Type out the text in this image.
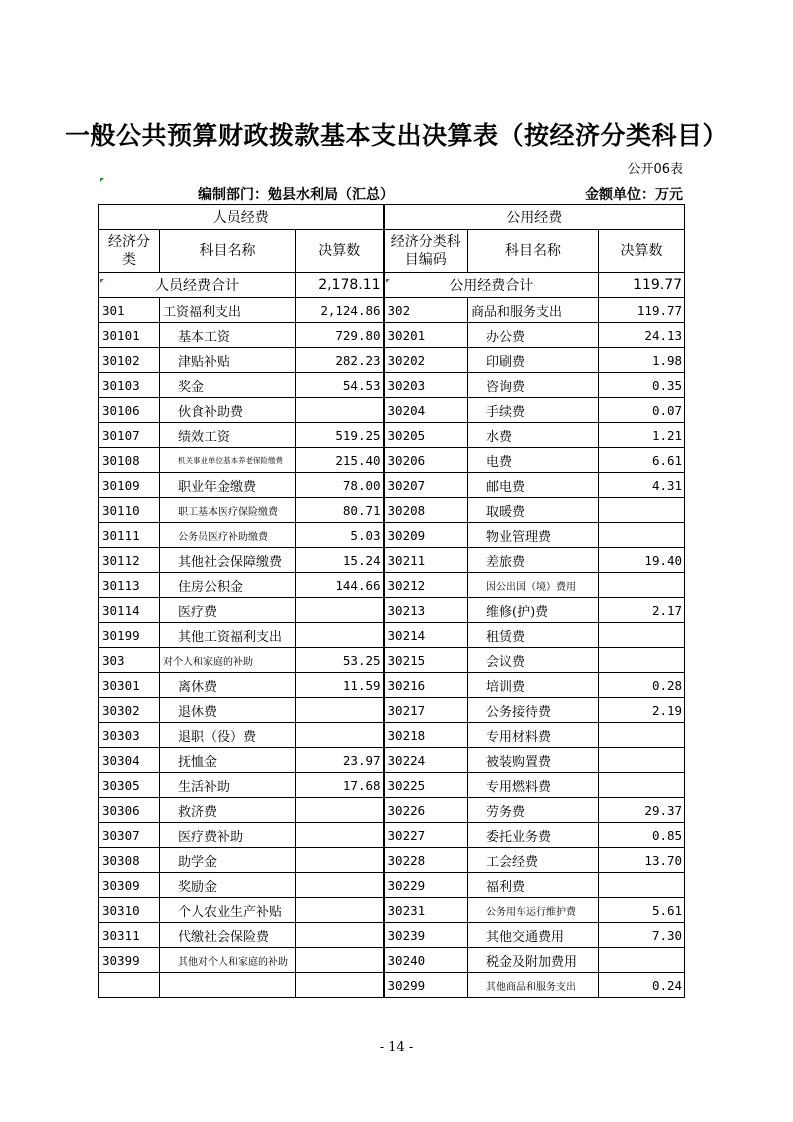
一般公共预算财政拨款基本支出决算表（按经济分类科目）
公开06表
编制部门：勉县水利局（汇总）	金额单位：万元
人员经费			公用经费		
经济分类	科目名称	决算数	经济分类科目编码	科目名称	决算数
人员经费合计		2,178.11	公用经费合计		119.77
301	工资福利支出	2,124.86	302	商品和服务支出	119.77
30101	基本工资	729.80	30201	办公费	24.13
30102	津贴补贴	282.23	30202	印刷费	1.98
30103	奖金	54.53	30203	咨询费	0.35
30106	伙食补助费		30204	手续费	0.07
30107	绩效工资	519.25	30205	水费	1.21
30108	机关事业单位基本养老保险缴费	215.40	30206	电费	6.61
30109	职业年金缴费	78.00	30207	邮电费	4.31
30110	职工基本医疗保险缴费	80.71	30208	取暖费	
30111	公务员医疗补助缴费	5.03	30209	物业管理费	
30112	其他社会保障缴费	15.24	30211	差旅费	19.40
30113	住房公积金	144.66	30212	因公出国（境）费用	
30114	医疗费		30213	维修(护)费	2.17
30199	其他工资福利支出		30214	租赁费	
303	对个人和家庭的补助	53.25	30215	会议费	
30301	离休费	11.59	30216	培训费	0.28
30302	退休费		30217	公务接待费	2.19
30303	退职（役）费		30218	专用材料费	
30304	抚恤金	23.97	30224	被装购置费	
30305	生活补助	17.68	30225	专用燃料费	
30306	救济费		30226	劳务费	29.37
30307	医疗费补助		30227	委托业务费	0.85
30308	助学金		30228	工会经费	13.70
30309	奖励金		30229	福利费	
30310	个人农业生产补贴		30231	公务用车运行维护费	5.61
30311	代缴社会保险费		30239	其他交通费用	7.30
30399	其他对个人和家庭的补助		30240	税金及附加费用	
			30299	其他商品和服务支出	0.24
- 14 -
